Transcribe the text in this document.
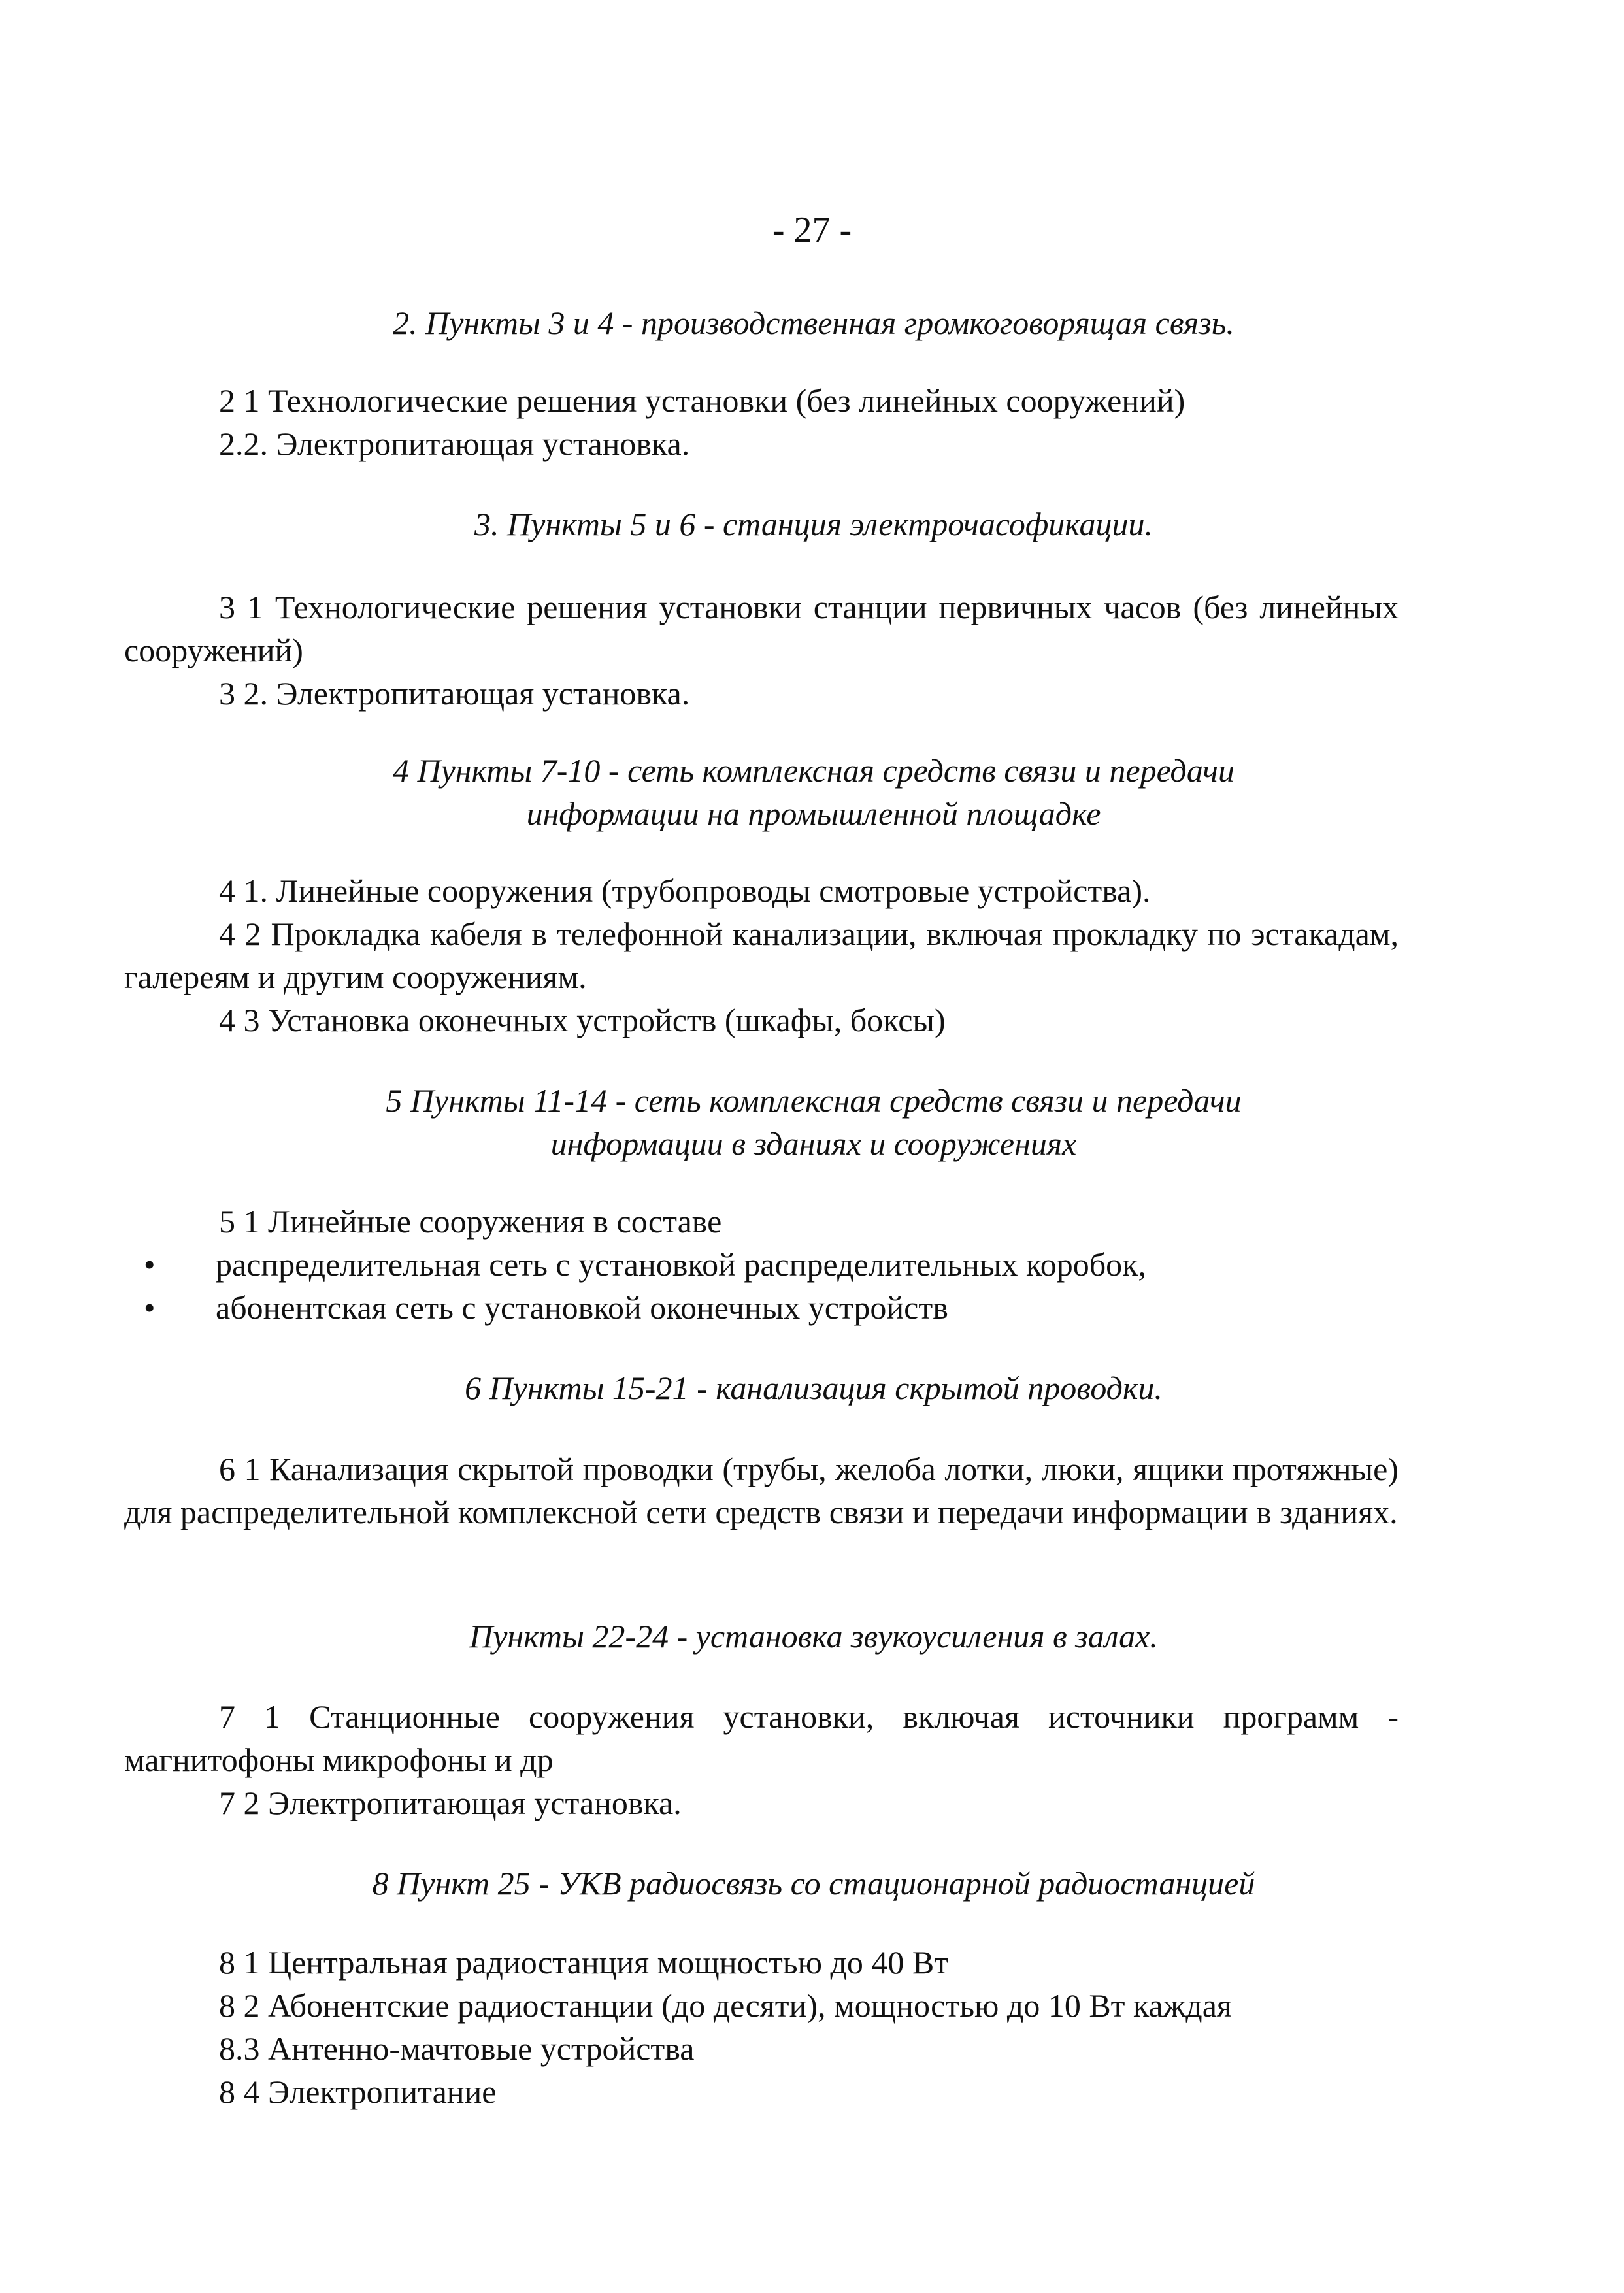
- 27 -
2. Пункты 3 и 4 - производственная громкоговорящая связь.
2 1 Технологические решения установки (без линейных сооружений)
2.2. Электропитающая установка.
3. Пункты 5 и 6 - станция электрочасофикации.
3 1 Технологические решения установки станции первичных часов (без линейных сооружений)
3 2. Электропитающая установка.
4 Пункты 7-10 - сеть комплексная средств связи и передачи
информации на промышленной площадке
4 1. Линейные сооружения (трубопроводы смотровые устройства).
4 2 Прокладка кабеля в телефонной канализации, включая прокладку по эстакадам, галереям и другим сооружениям.
4 3 Установка оконечных устройств (шкафы, боксы)
5 Пункты 11-14 - сеть комплексная средств связи и передачи
информации в зданиях и сооружениях
5 1 Линейные сооружения в составе
• распределительная сеть с установкой распределительных коробок,
• абонентская сеть с установкой оконечных устройств
6 Пункты 15-21 - канализация скрытой проводки.
6 1 Канализация скрытой проводки (трубы, желоба лотки, люки, ящики протяжные) для распределительной комплексной сети средств связи и передачи информации в зданиях.
Пункты 22-24 - установка звукоусиления в залах.
7 1 Станционные сооружения установки, включая источники программ - магнитофоны микрофоны и др
7 2 Электропитающая установка.
8 Пункт 25 - УКВ радиосвязь со стационарной радиостанцией
8 1 Центральная радиостанция мощностью до 40 Вт
8 2 Абонентские радиостанции (до десяти), мощностью до 10 Вт каждая
8.3 Антенно-мачтовые устройства
8 4 Электропитание
